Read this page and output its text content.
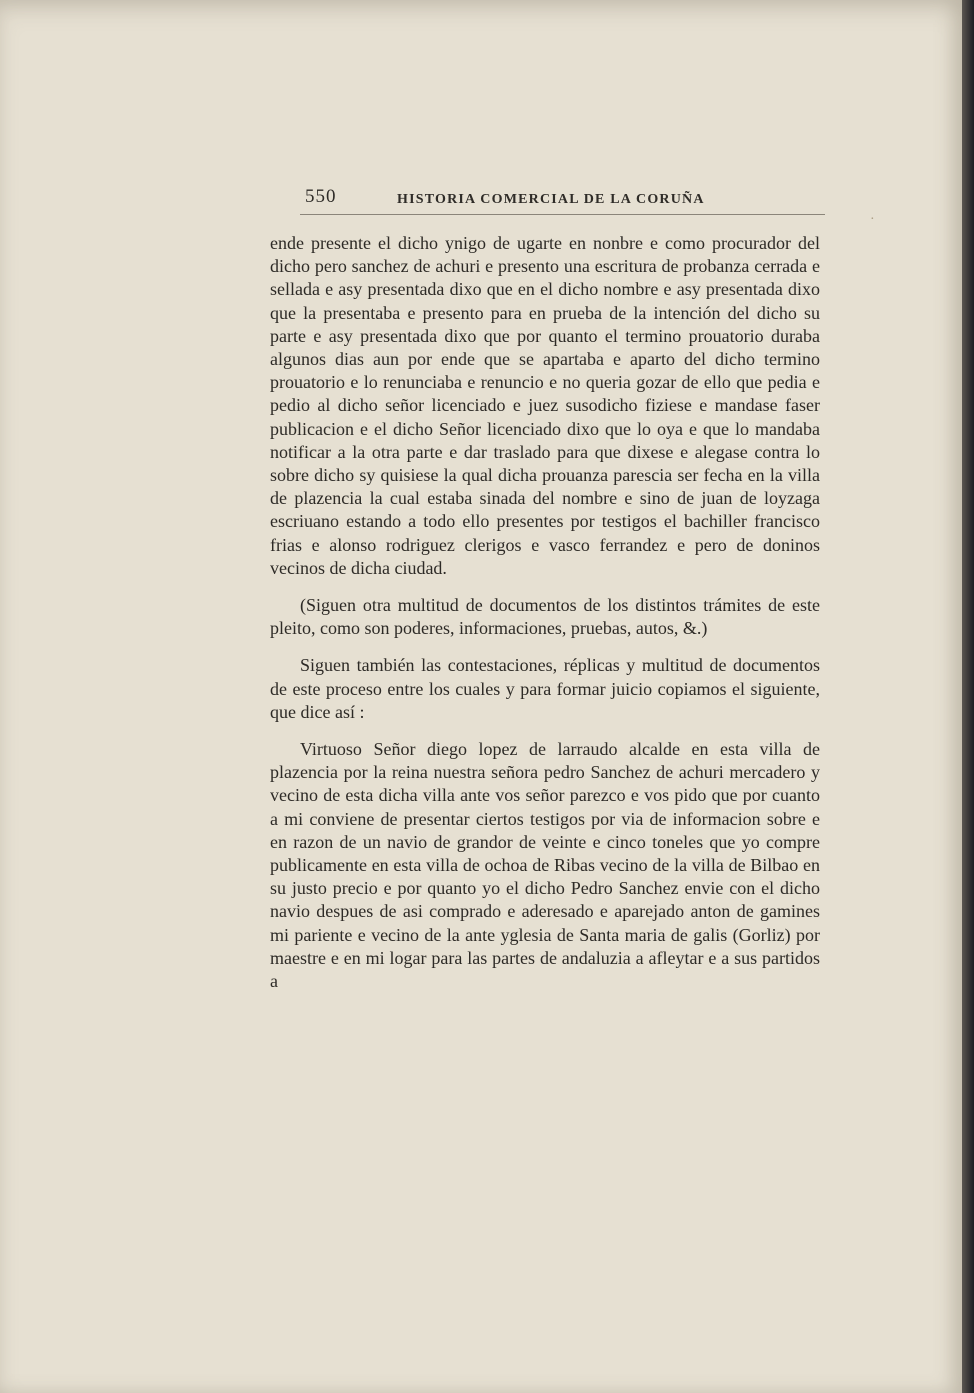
550	HISTORIA COMERCIAL DE LA CORUÑA
·

ende presente el dicho ynigo de ugarte en nonbre e como procurador del dicho pero sanchez de achuri e presento una escritura de probanza cerrada e sellada e asy presentada dixo que en el dicho nombre e asy presentada dixo que la presentaba e presento para en prueba de la intención del dicho su parte e asy presentada dixo que por quanto el termino prouatorio duraba algunos dias aun por ende que se apartaba e aparto del dicho termino prouatorio e lo renunciaba e renuncio e no queria gozar de ello que pedia e pedio al dicho señor licenciado e juez susodicho fiziese e mandase faser publicacion e el dicho Señor licenciado dixo que lo oya e que lo mandaba notificar a la otra parte e dar traslado para que dixese e alegase contra lo sobre dicho sy quisiese la qual dicha prouanza parescia ser fecha en la villa de plazencia la cual estaba sinada del nombre e sino de juan de loyzaga escriuano estando a todo ello presentes por testigos el bachiller francisco frias e alonso rodriguez clerigos e vasco ferrandez e pero de doninos vecinos de dicha ciudad.

(Siguen otra multitud de documentos de los distintos trámites de este pleito, como son poderes, informaciones, pruebas, autos, &.)

Siguen también las contestaciones, réplicas y multitud de documentos de este proceso entre los cuales y para formar juicio copiamos el siguiente, que dice así :

Virtuoso Señor diego lopez de larraudo alcalde en esta villa de plazencia por la reina nuestra señora pedro Sanchez de achuri mercadero y vecino de esta dicha villa ante vos señor parezco e vos pido que por cuanto a mi conviene de presentar ciertos testigos por via de informacion sobre e en razon de un navio de grandor de veinte e cinco toneles que yo compre publicamente en esta villa de ochoa de Ribas vecino de la villa de Bilbao en su justo precio e por quanto yo el dicho Pedro Sanchez envie con el dicho navio despues de asi comprado e aderesado e aparejado anton de gamines mi pariente e vecino de la ante yglesia de Santa maria de galis (Gorliz) por maestre e en mi logar para las partes de andaluzia a afleytar e a sus partidos a
